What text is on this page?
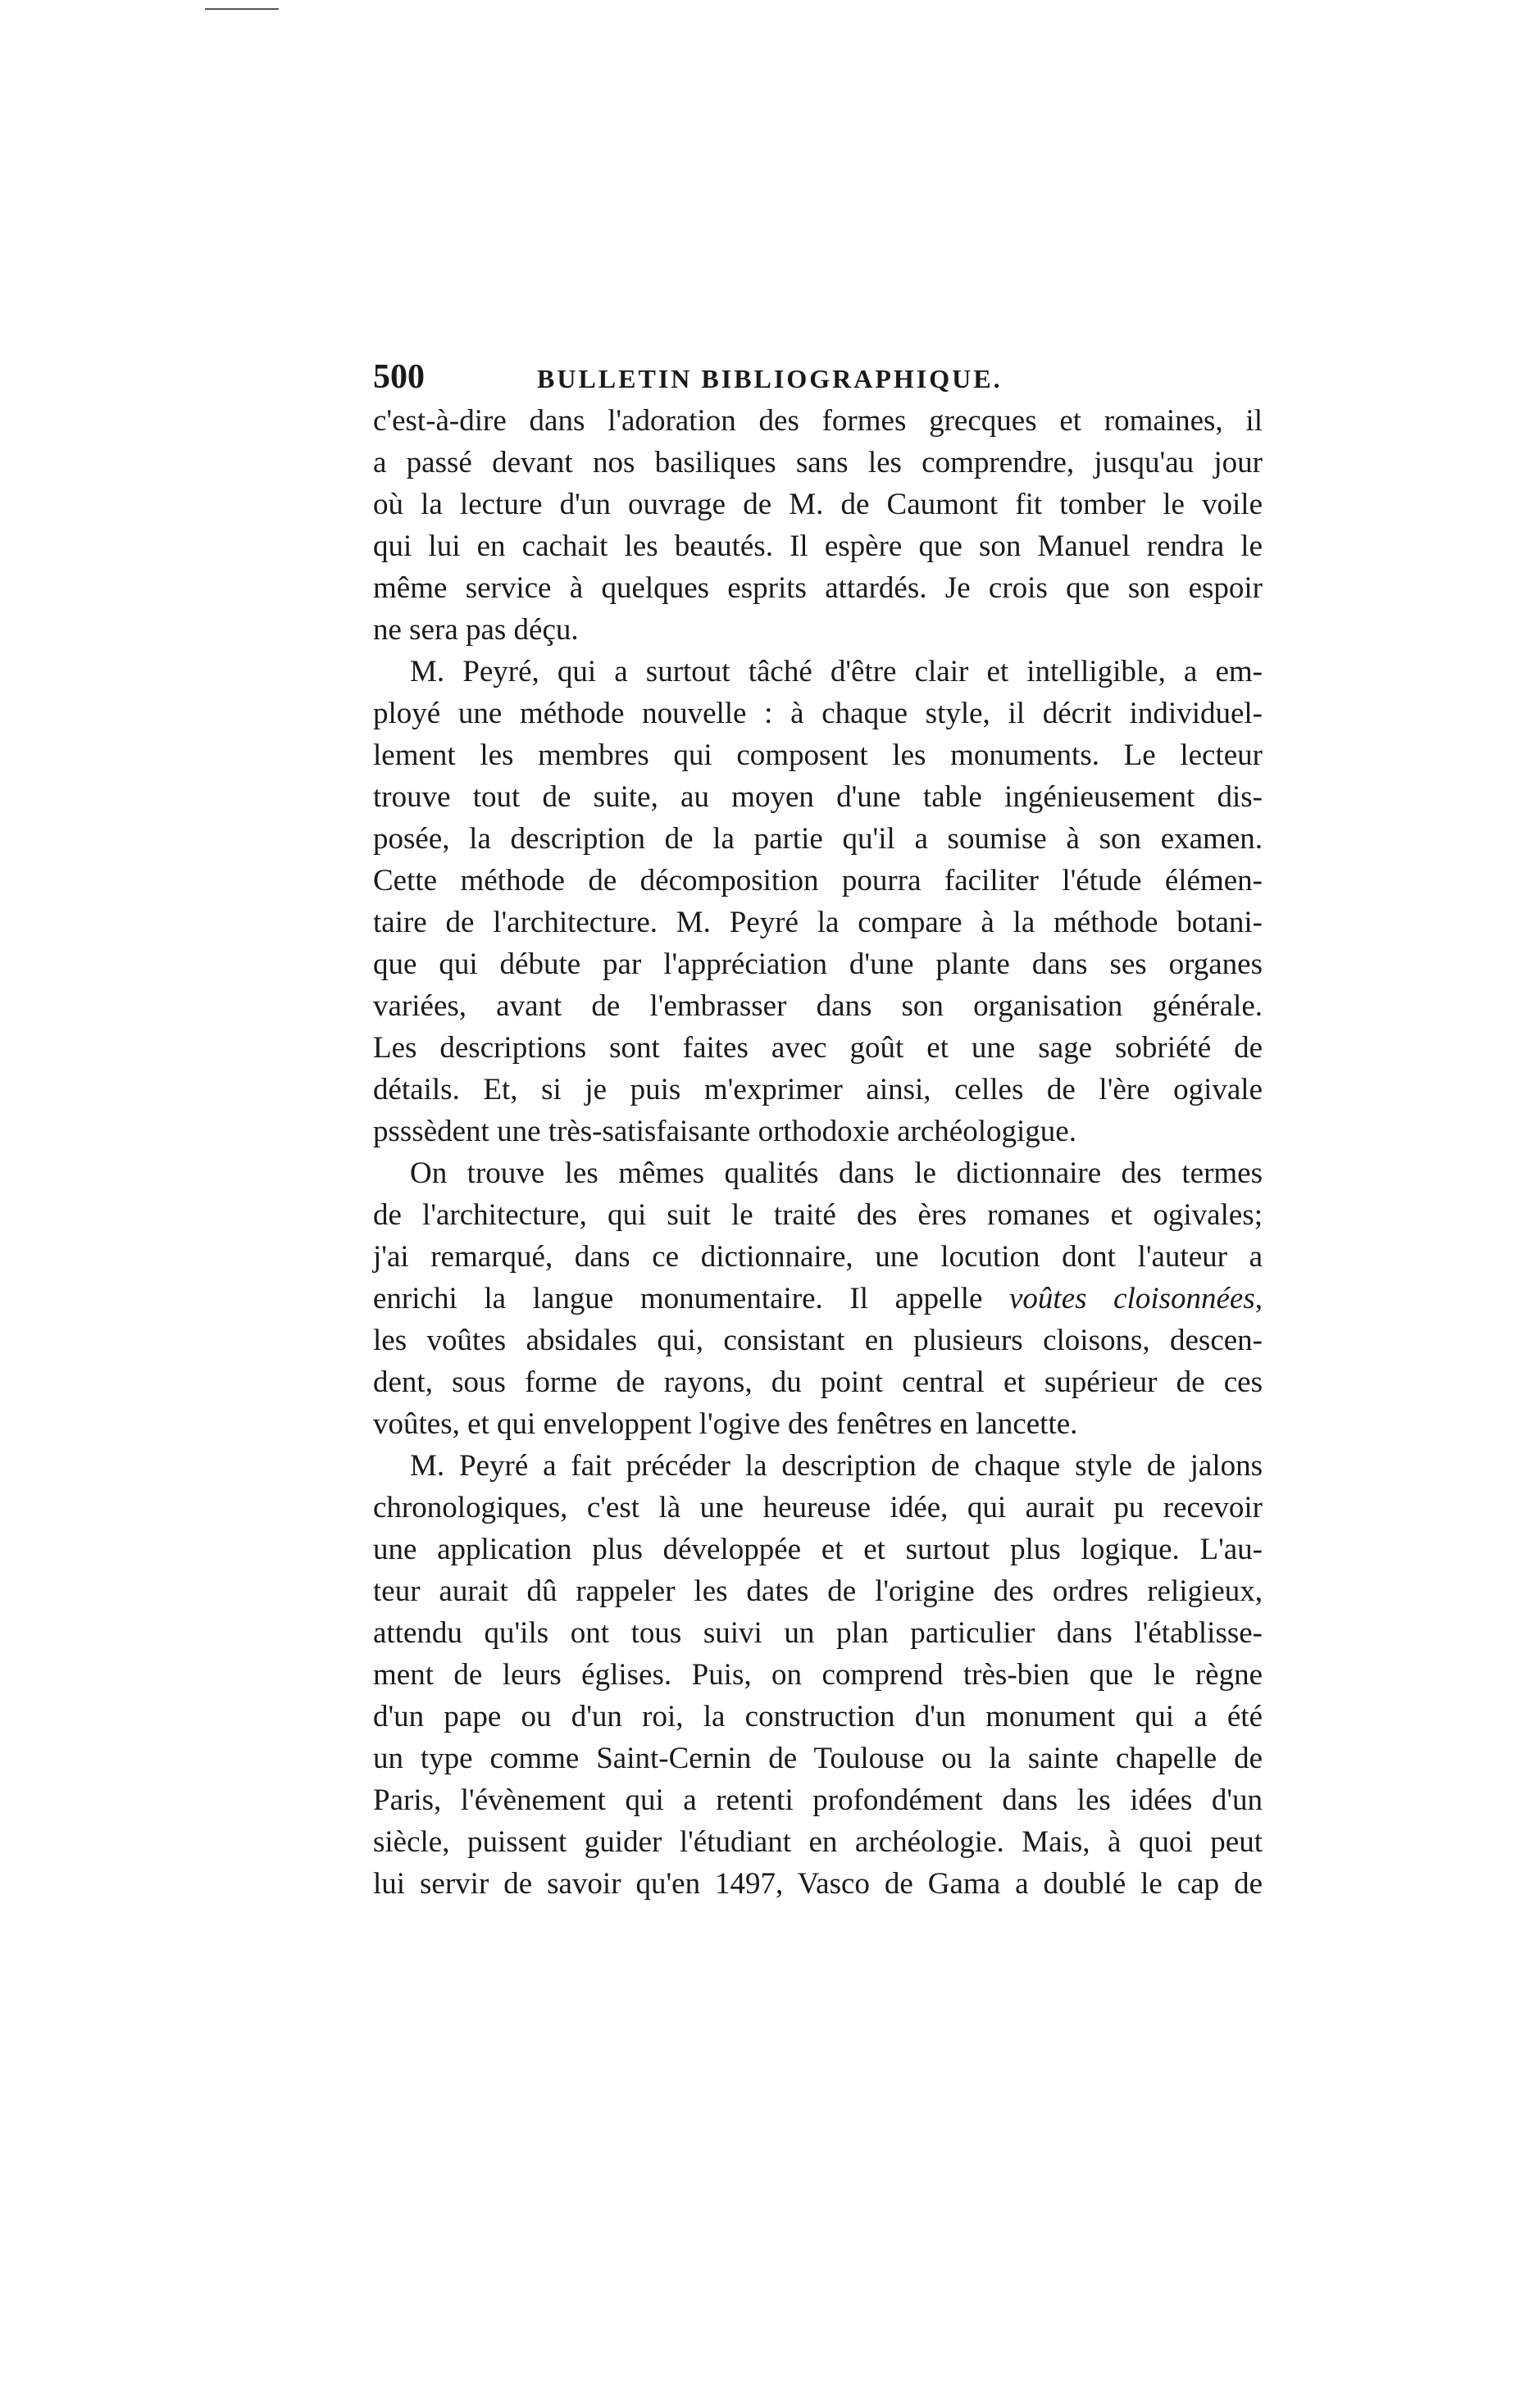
500	BULLETIN BIBLIOGRAPHIQUE.

c'est-à-dire dans l'adoration des formes grecques et romaines, il
a passé devant nos basiliques sans les comprendre, jusqu'au jour
où la lecture d'un ouvrage de M. de Caumont fit tomber le voile
qui lui en cachait les beautés. Il espère que son Manuel rendra le
même service à quelques esprits attardés. Je crois que son espoir
ne sera pas déçu.

M. Peyré, qui a surtout tâché d'être clair et intelligible, a em-
ployé une méthode nouvelle : à chaque style, il décrit individuel-
lement les membres qui composent les monuments. Le lecteur
trouve tout de suite, au moyen d'une table ingénieusement dis-
posée, la description de la partie qu'il a soumise à son examen.
Cette méthode de décomposition pourra faciliter l'étude élémen-
taire de l'architecture. M. Peyré la compare à la méthode botani-
que qui débute par l'appréciation d'une plante dans ses organes
variées, avant de l'embrasser dans son organisation générale.
Les descriptions sont faites avec goût et une sage sobriété de
détails. Et, si je puis m'exprimer ainsi, celles de l'ère ogivale
psssèdent une très-satisfaisante orthodoxie archéologigue.

On trouve les mêmes qualités dans le dictionnaire des termes
de l'architecture, qui suit le traité des ères romanes et ogivales;
j'ai remarqué, dans ce dictionnaire, une locution dont l'auteur a
enrichi la langue monumentaire. Il appelle voûtes cloisonnées,
les voûtes absidales qui, consistant en plusieurs cloisons, descen-
dent, sous forme de rayons, du point central et supérieur de ces
voûtes, et qui enveloppent l'ogive des fenêtres en lancette.

M. Peyré a fait précéder la description de chaque style de jalons
chronologiques, c'est là une heureuse idée, qui aurait pu recevoir
une application plus développée et et surtout plus logique. L'au-
teur aurait dû rappeler les dates de l'origine des ordres religieux,
attendu qu'ils ont tous suivi un plan particulier dans l'établisse-
ment de leurs églises. Puis, on comprend très-bien que le règne
d'un pape ou d'un roi, la construction d'un monument qui a été
un type comme Saint-Cernin de Toulouse ou la sainte chapelle de
Paris, l'évènement qui a retenti profondément dans les idées d'un
siècle, puissent guider l'étudiant en archéologie. Mais, à quoi peut
lui servir de savoir qu'en 1497, Vasco de Gama a doublé le cap de
